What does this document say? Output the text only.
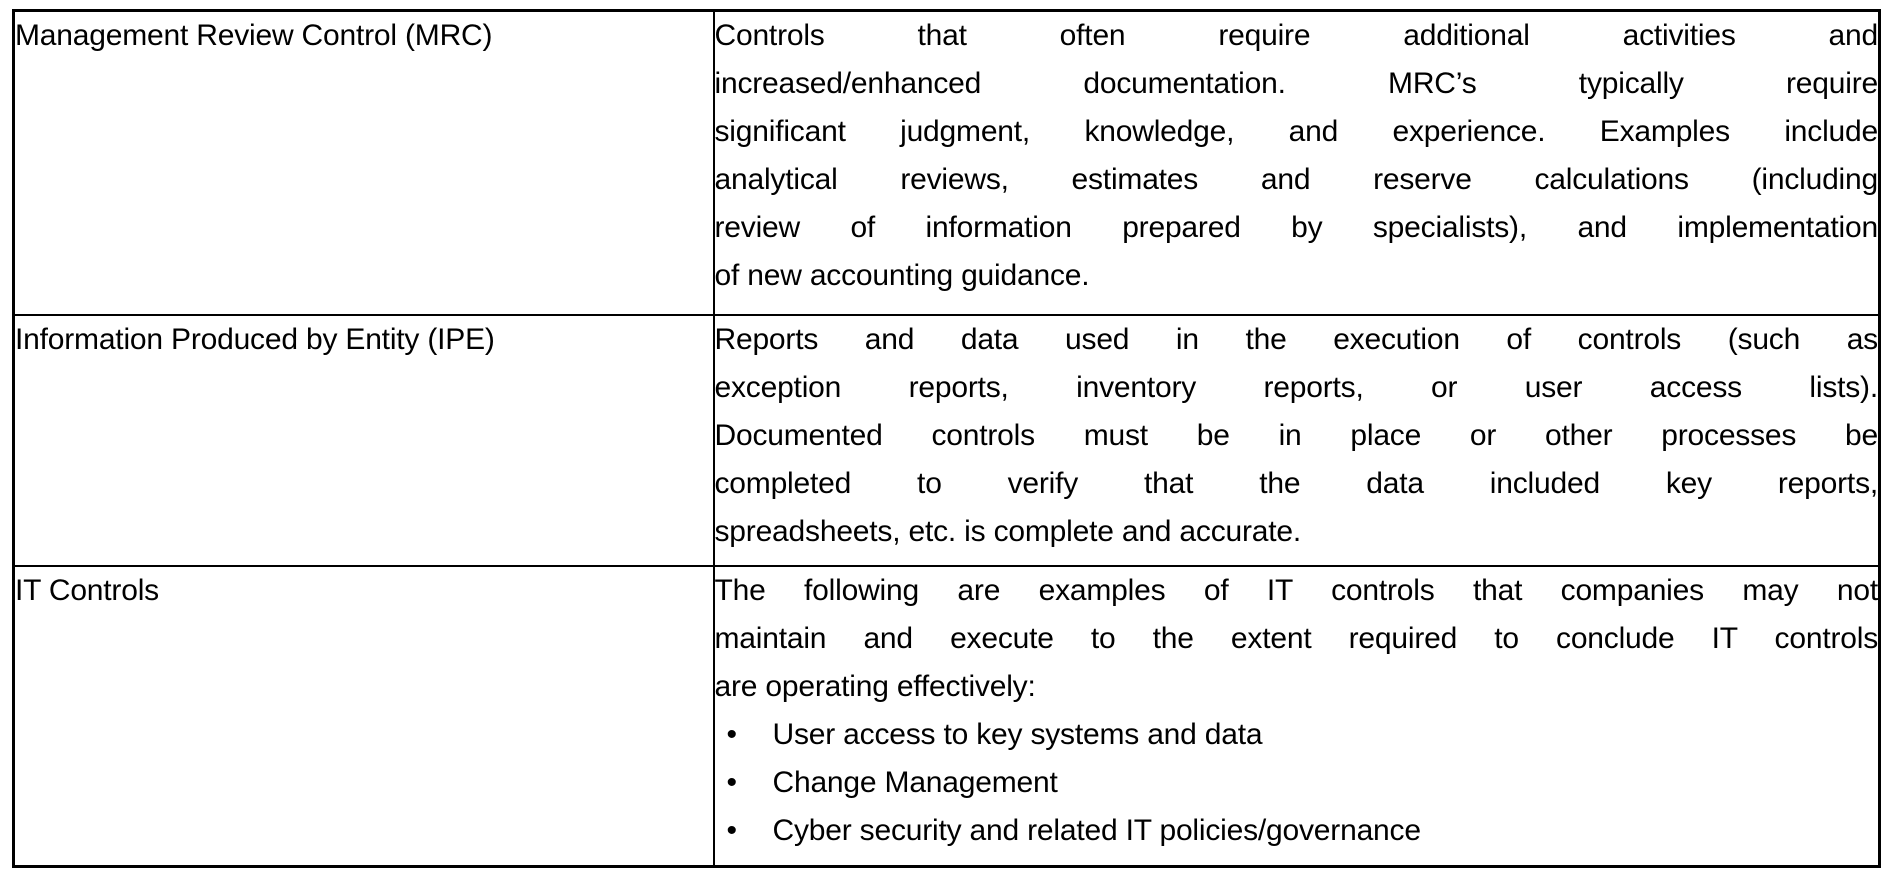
Management Review Control (MRC)	Controls that often require additional activities and
increased/enhanced documentation. MRC’s typically require
significant judgment, knowledge, and experience. Examples include
analytical reviews, estimates and reserve calculations (including
review of information prepared by specialists), and implementation
of new accounting guidance.

Information Produced by Entity (IPE)	Reports and data used in the execution of controls (such as
exception reports, inventory reports, or user access lists).
Documented controls must be in place or other processes be
completed to verify that the data included key reports,
spreadsheets, etc. is complete and accurate.

IT Controls	The following are examples of IT controls that companies may not
maintain and execute to the extent required to conclude IT controls
are operating effectively:
•	User access to key systems and data
•	Change Management
•	Cyber security and related IT policies/governance
